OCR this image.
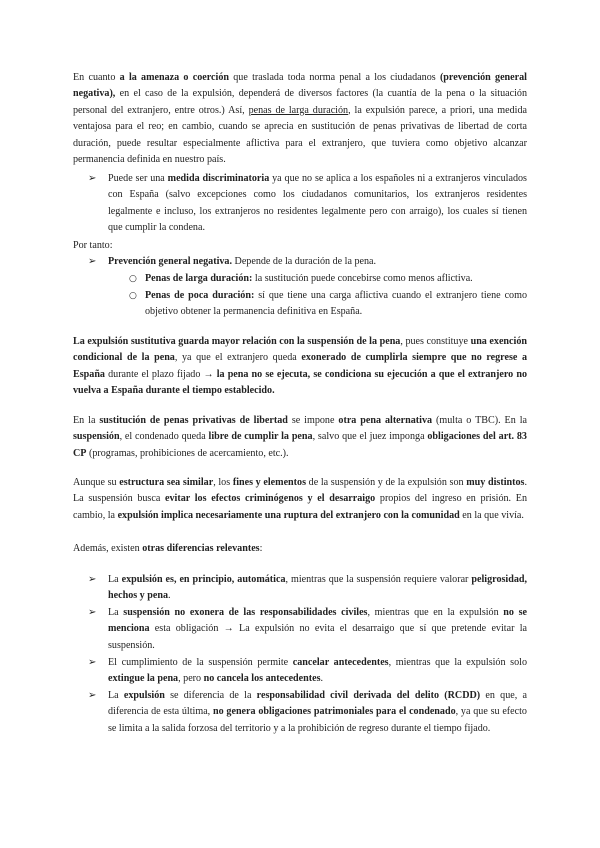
En cuanto a la amenaza o coerción que traslada toda norma penal a los ciudadanos (prevención general negativa), en el caso de la expulsión, dependerá de diversos factores (la cuantía de la pena o la situación personal del extranjero, entre otros.) Así, penas de larga duración, la expulsión parece, a priori, una medida ventajosa para el reo; en cambio, cuando se aprecia en sustitución de penas privativas de libertad de corta duración, puede resultar especialmente aflictiva para el extranjero, que tuviera como objetivo alcanzar permanencia definida en nuestro país.

➢ Puede ser una medida discriminatoria ya que no se aplica a los españoles ni a extranjeros vinculados con España (salvo excepciones como los ciudadanos comunitarios, los extranjeros residentes legalmente e incluso, los extranjeros no residentes legalmente pero con arraigo), los cuales sí tienen que cumplir la condena.

Por tanto:

➢ Prevención general negativa. Depende de la duración de la pena.

○ Penas de larga duración: la sustitución puede concebirse como menos aflictiva.

○ Penas de poca duración: sí que tiene una carga aflictiva cuando el extranjero tiene como objetivo obtener la permanencia definitiva en España.

La expulsión sustitutiva guarda mayor relación con la suspensión de la pena, pues constituye una exención condicional de la pena, ya que el extranjero queda exonerado de cumplirla siempre que no regrese a España durante el plazo fijado → la pena no se ejecuta, se condiciona su ejecución a que el extranjero no vuelva a España durante el tiempo establecido.

En la sustitución de penas privativas de libertad se impone otra pena alternativa (multa o TBC). En la suspensión, el condenado queda libre de cumplir la pena, salvo que el juez imponga obligaciones del art. 83 CP (programas, prohibiciones de acercamiento, etc.).

Aunque su estructura sea similar, los fines y elementos de la suspensión y de la expulsión son muy distintos. La suspensión busca evitar los efectos criminógenos y el desarraigo propios del ingreso en prisión. En cambio, la expulsión implica necesariamente una ruptura del extranjero con la comunidad en la que vivía.

Además, existen otras diferencias relevantes:

➢ La expulsión es, en principio, automática, mientras que la suspensión requiere valorar peligrosidad, hechos y pena.

➢ La suspensión no exonera de las responsabilidades civiles, mientras que en la expulsión no se menciona esta obligación → La expulsión no evita el desarraigo que sí que pretende evitar la suspensión.

➢ El cumplimiento de la suspensión permite cancelar antecedentes, mientras que la expulsión solo extingue la pena, pero no cancela los antecedentes.

➢ La expulsión se diferencia de la responsabilidad civil derivada del delito (RCDD) en que, a diferencia de esta última, no genera obligaciones patrimoniales para el condenado, ya que su efecto se limita a la salida forzosa del territorio y a la prohibición de regreso durante el tiempo fijado.
